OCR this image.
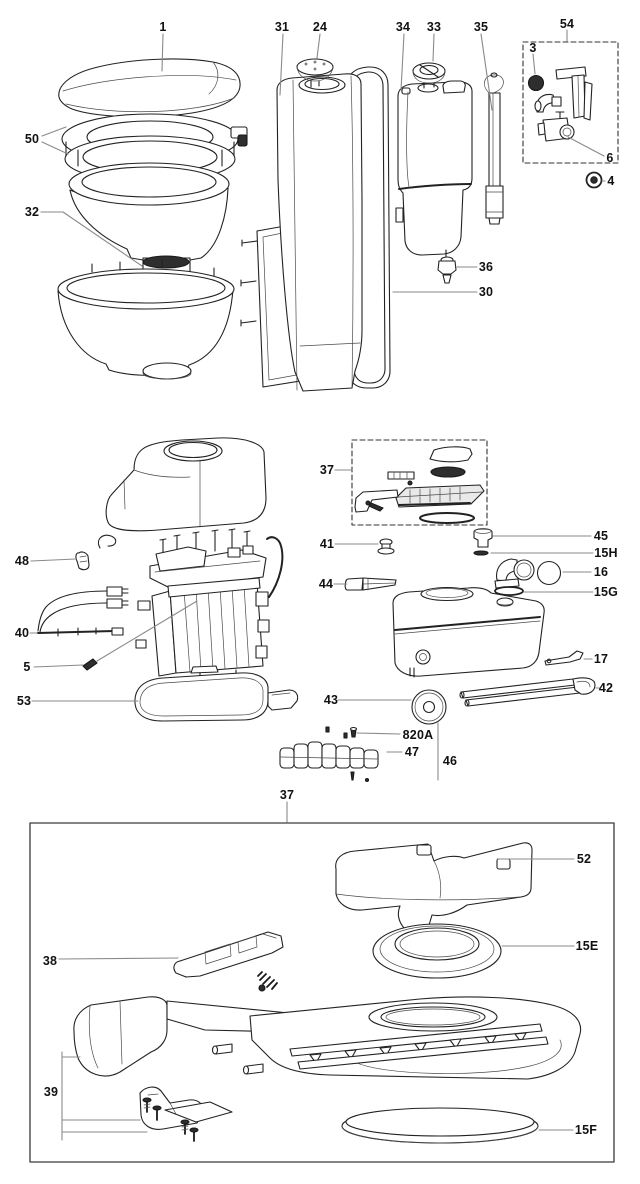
1
50
32
31 24	34 33	35	54
3
6
4
36
30
37
48
41
45
15H
16
15G
44
40
5
53
17
42
43
820A
47
46
37
52
15E
38
39
15F
